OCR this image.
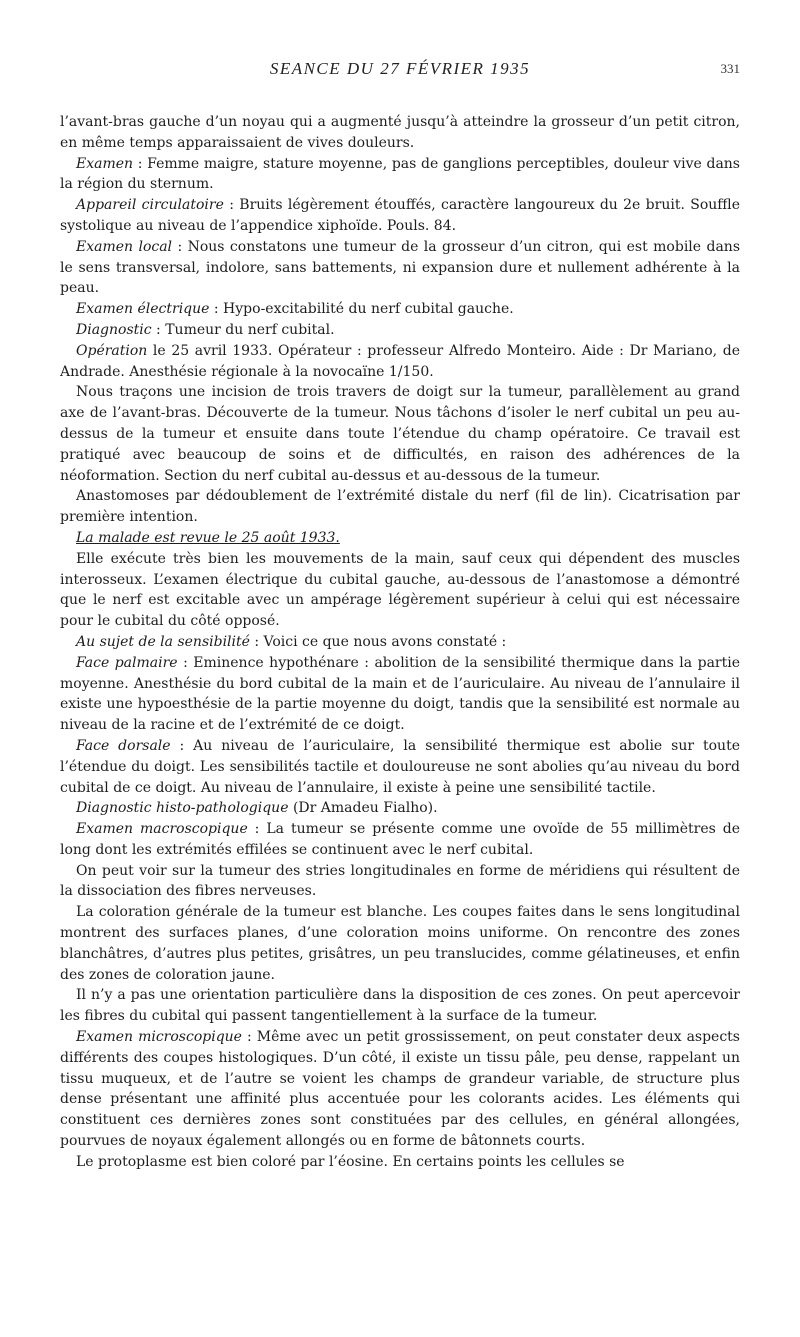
SEANCE DU 27 FÉVRIER 1935	331

l’avant-bras gauche d’un noyau qui a augmenté jusqu’à atteindre la grosseur d’un petit citron, en même temps apparaissaient de vives douleurs.

Examen : Femme maigre, stature moyenne, pas de ganglions perceptibles, douleur vive dans la région du sternum.

Appareil circulatoire : Bruits légèrement étouffés, caractère langoureux du 2e bruit. Souffle systolique au niveau de l’appendice xiphoïde. Pouls. 84.

Examen local : Nous constatons une tumeur de la grosseur d’un citron, qui est mobile dans le sens transversal, indolore, sans battements, ni expansion dure et nullement adhérente à la peau.

Examen électrique : Hypo-excitabilité du nerf cubital gauche.

Diagnostic : Tumeur du nerf cubital.

Opération le 25 avril 1933. Opérateur : professeur Alfredo Monteiro. Aide : Dr Mariano, de Andrade. Anesthésie régionale à la novocaïne 1/150.

Nous traçons une incision de trois travers de doigt sur la tumeur, parallèlement au grand axe de l’avant-bras. Découverte de la tumeur. Nous tâchons d’isoler le nerf cubital un peu au-dessus de la tumeur et ensuite dans toute l’étendue du champ opératoire. Ce travail est pratiqué avec beaucoup de soins et de difficultés, en raison des adhérences de la néoformation. Section du nerf cubital au-dessus et au-dessous de la tumeur.

Anastomoses par dédoublement de l’extrémité distale du nerf (fil de lin). Cicatrisation par première intention.

La malade est revue le 25 août 1933.

Elle exécute très bien les mouvements de la main, sauf ceux qui dépendent des muscles interosseux. L’examen électrique du cubital gauche, au-dessous de l’anastomose a démontré que le nerf est excitable avec un ampérage légèrement supérieur à celui qui est nécessaire pour le cubital du côté opposé.

Au sujet de la sensibilité : Voici ce que nous avons constaté :

Face palmaire : Eminence hypothénare : abolition de la sensibilité thermique dans la partie moyenne. Anesthésie du bord cubital de la main et de l’auriculaire. Au niveau de l’annulaire il existe une hypoesthésie de la partie moyenne du doigt, tandis que la sensibilité est normale au niveau de la racine et de l’extrémité de ce doigt.

Face dorsale : Au niveau de l’auriculaire, la sensibilité thermique est abolie sur toute l’étendue du doigt. Les sensibilités tactile et douloureuse ne sont abolies qu’au niveau du bord cubital de ce doigt. Au niveau de l’annulaire, il existe à peine une sensibilité tactile.

Diagnostic histo-pathologique (Dr Amadeu Fialho).

Examen macroscopique : La tumeur se présente comme une ovoïde de 55 millimètres de long dont les extrémités effilées se continuent avec le nerf cubital.

On peut voir sur la tumeur des stries longitudinales en forme de méridiens qui résultent de la dissociation des fibres nerveuses.

La coloration générale de la tumeur est blanche. Les coupes faites dans le sens longitudinal montrent des surfaces planes, d’une coloration moins uniforme. On rencontre des zones blanchâtres, d’autres plus petites, grisâtres, un peu translucides, comme gélatineuses, et enfin des zones de coloration jaune.

Il n’y a pas une orientation particulière dans la disposition de ces zones. On peut apercevoir les fibres du cubital qui passent tangentiellement à la surface de la tumeur.

Examen microscopique : Même avec un petit grossissement, on peut constater deux aspects différents des coupes histologiques. D’un côté, il existe un tissu pâle, peu dense, rappelant un tissu muqueux, et de l’autre se voient les champs de grandeur variable, de structure plus dense présentant une affinité plus accentuée pour les colorants acides. Les éléments qui constituent ces dernières zones sont constituées par des cellules, en général allongées, pourvues de noyaux également allongés ou en forme de bâtonnets courts.

Le protoplasme est bien coloré par l’éosine. En certains points les cellules se
